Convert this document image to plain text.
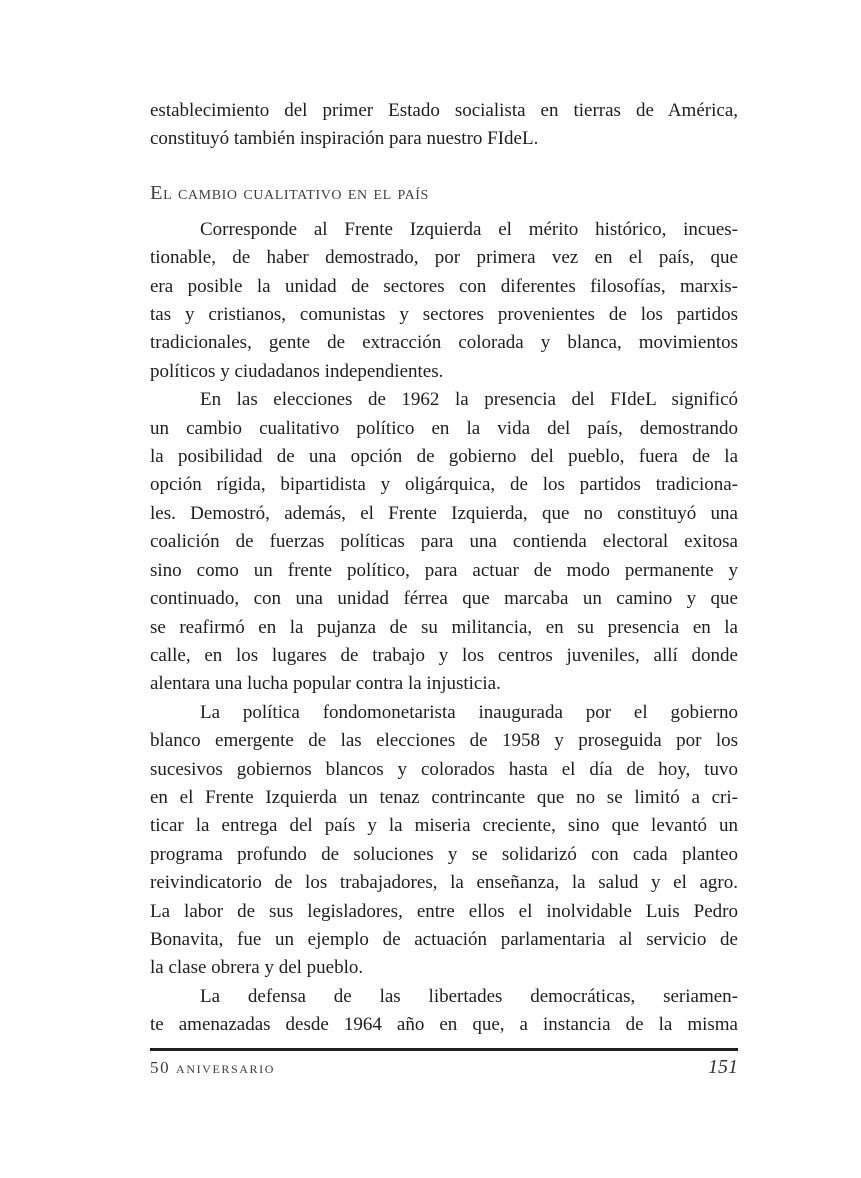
establecimiento del primer Estado socialista en tierras de América,
constituyó también inspiración para nuestro FIdeL.
El cambio cualitativo en el país
Corresponde al Frente Izquierda el mérito histórico, incues-
tionable, de haber demostrado, por primera vez en el país, que
era posible la unidad de sectores con diferentes filosofías, marxis-
tas y cristianos, comunistas y sectores provenientes de los partidos
tradicionales, gente de extracción colorada y blanca, movimientos
políticos y ciudadanos independientes.
En las elecciones de 1962 la presencia del FIdeL significó
un cambio cualitativo político en la vida del país, demostrando
la posibilidad de una opción de gobierno del pueblo, fuera de la
opción rígida, bipartidista y oligárquica, de los partidos tradiciona-
les. Demostró, además, el Frente Izquierda, que no constituyó una
coalición de fuerzas políticas para una contienda electoral exitosa
sino como un frente político, para actuar de modo permanente y
continuado, con una unidad férrea que marcaba un camino y que
se reafirmó en la pujanza de su militancia, en su presencia en la
calle, en los lugares de trabajo y los centros juveniles, allí donde
alentara una lucha popular contra la injusticia.
La política fondomonetarista inaugurada por el gobierno
blanco emergente de las elecciones de 1958 y proseguida por los
sucesivos gobiernos blancos y colorados hasta el día de hoy, tuvo
en el Frente Izquierda un tenaz contrincante que no se limitó a cri-
ticar la entrega del país y la miseria creciente, sino que levantó un
programa profundo de soluciones y se solidarizó con cada planteo
reivindicatorio de los trabajadores, la enseñanza, la salud y el agro.
La labor de sus legisladores, entre ellos el inolvidable Luis Pedro
Bonavita, fue un ejemplo de actuación parlamentaria al servicio de
la clase obrera y del pueblo.
La defensa de las libertades democráticas, seriamen-
te amenazadas desde 1964 año en que, a instancia de la misma
50 aniversario	151
